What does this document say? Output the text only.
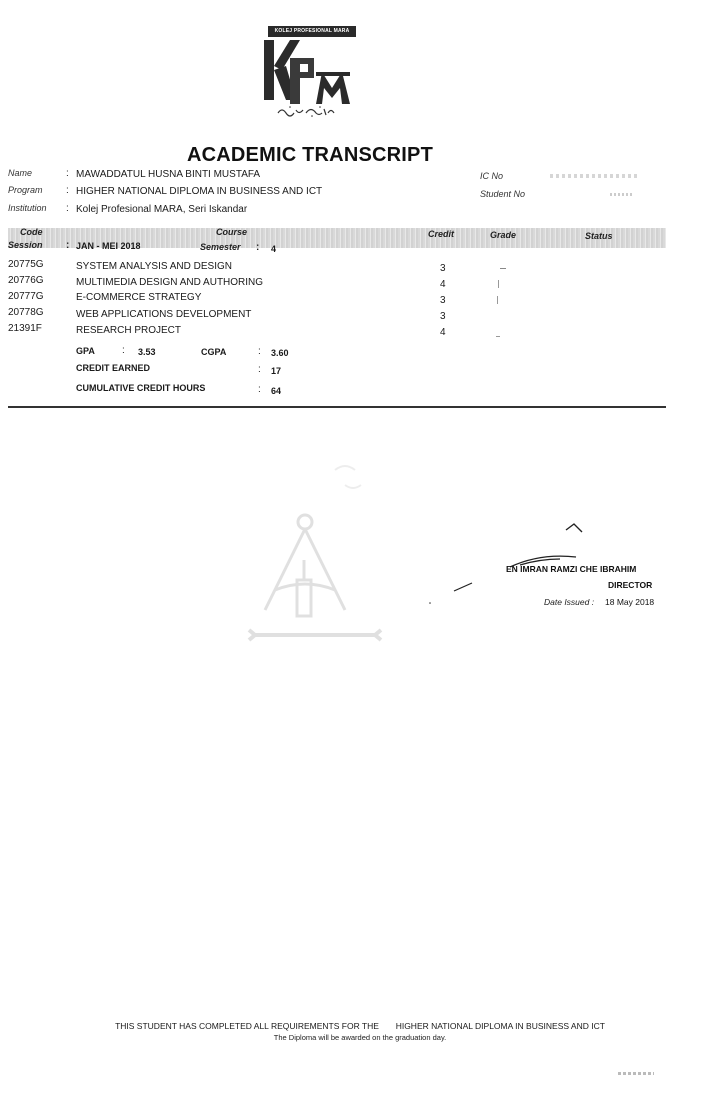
KOLEJ PROFESIONAL MARA
ACADEMIC TRANSCRIPT
Name	: MAWADDATUL HUSNA BINTI MUSTAFA
Program : HIGHER NATIONAL DIPLOMA IN BUSINESS AND ICT
Institution : Kolej Profesional MARA, Seri Iskandar
IC No
Student No
Code	Course	Credit	Grade	Status
Session : JAN - MEI 2018	Semester : 4
20775G	SYSTEM ANALYSIS AND DESIGN	3
20776G	MULTIMEDIA DESIGN AND AUTHORING	4
20777G	E-COMMERCE STRATEGY	3
20778G	WEB APPLICATIONS DEVELOPMENT	3
21391F	RESEARCH PROJECT	4
GPA	: 3.53	CGPA	: 3.60
CREDIT EARNED	: 17
CUMULATIVE CREDIT HOURS	: 64
EN IMRAN RAMZI CHE IBRAHIM
DIRECTOR
Date Issued : 18 May 2018
THIS STUDENT HAS COMPLETED ALL REQUIREMENTS FOR THE HIGHER NATIONAL DIPLOMA IN BUSINESS AND ICT
The Diploma will be awarded on the graduation day.
